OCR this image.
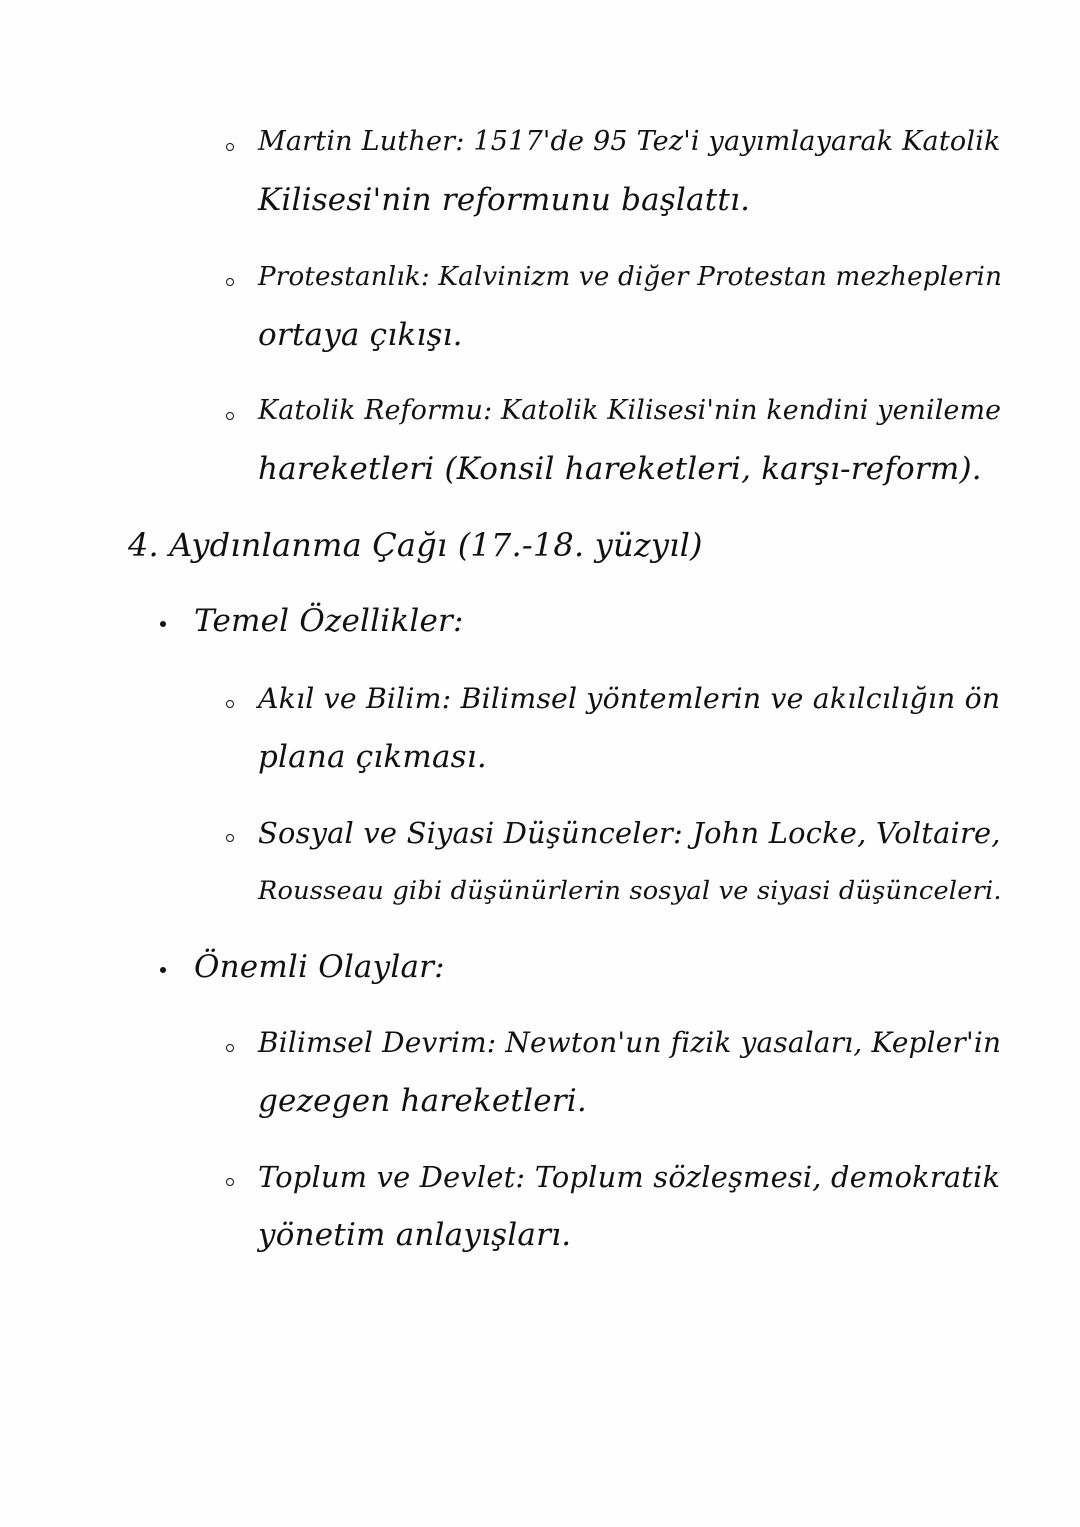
Martin Luther: 1517'de 95 Tez'i yayımlayarak Katolik
Kilisesi'nin reformunu başlattı.
Protestanlık: Kalvinizm ve diğer Protestan mezheplerin
ortaya çıkışı.
Katolik Reformu: Katolik Kilisesi'nin kendini yenileme
hareketleri (Konsil hareketleri, karşı-reform).
4. Aydınlanma Çağı (17.-18. yüzyıl)
Temel Özellikler:
Akıl ve Bilim: Bilimsel yöntemlerin ve akılcılığın ön
plana çıkması.
Sosyal ve Siyasi Düşünceler: John Locke, Voltaire,
Rousseau gibi düşünürlerin sosyal ve siyasi düşünceleri.
Önemli Olaylar:
Bilimsel Devrim: Newton'un fizik yasaları, Kepler'in
gezegen hareketleri.
Toplum ve Devlet: Toplum sözleşmesi, demokratik
yönetim anlayışları.
